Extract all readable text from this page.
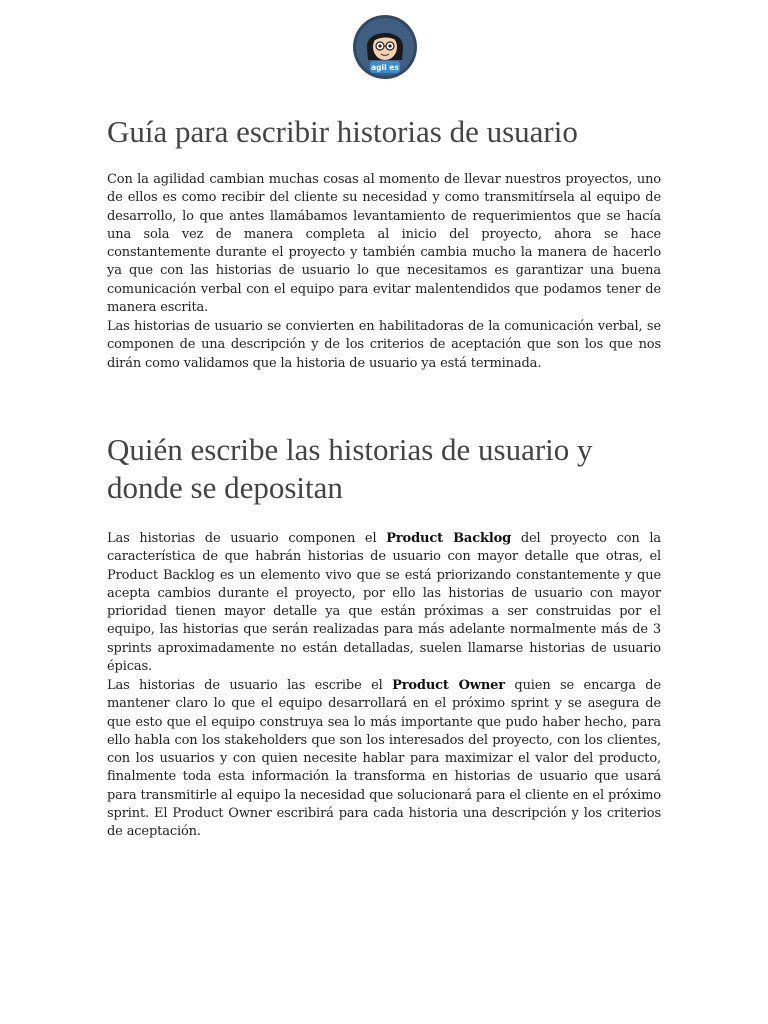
agil es
Guía para escribir historias de usuario

Con la agilidad cambian muchas cosas al momento de llevar nuestros proyectos, uno de ellos es como recibir del cliente su necesidad y como transmitírsela al equipo de desarrollo, lo que antes llamábamos levantamiento de requerimientos que se hacía una sola vez de manera completa al inicio del proyecto, ahora se hace constantemente durante el proyecto y también cambia mucho la manera de hacerlo ya que con las historias de usuario lo que necesitamos es garantizar una buena comunicación verbal con el equipo para evitar malentendidos que podamos tener de manera escrita.

Las historias de usuario se convierten en habilitadoras de la comunicación verbal, se componen de una descripción y de los criterios de aceptación que son los que nos dirán como validamos que la historia de usuario ya está terminada.

Quién escribe las historias de usuario y donde se depositan

Las historias de usuario componen el Product Backlog del proyecto con la característica de que habrán historias de usuario con mayor detalle que otras, el Product Backlog es un elemento vivo que se está priorizando constantemente y que acepta cambios durante el proyecto, por ello las historias de usuario con mayor prioridad tienen mayor detalle ya que están próximas a ser construidas por el equipo, las historias que serán realizadas para más adelante normalmente más de 3 sprints aproximadamente no están detalladas, suelen llamarse historias de usuario épicas.

Las historias de usuario las escribe el Product Owner quien se encarga de mantener claro lo que el equipo desarrollará en el próximo sprint y se asegura de que esto que el equipo construya sea lo más importante que pudo haber hecho, para ello habla con los stakeholders que son los interesados del proyecto, con los clientes, con los usuarios y con quien necesite hablar para maximizar el valor del producto, finalmente toda esta información la transforma en historias de usuario que usará para transmitirle al equipo la necesidad que solucionará para el cliente en el próximo sprint. El Product Owner escribirá para cada historia una descripción y los criterios de aceptación.
